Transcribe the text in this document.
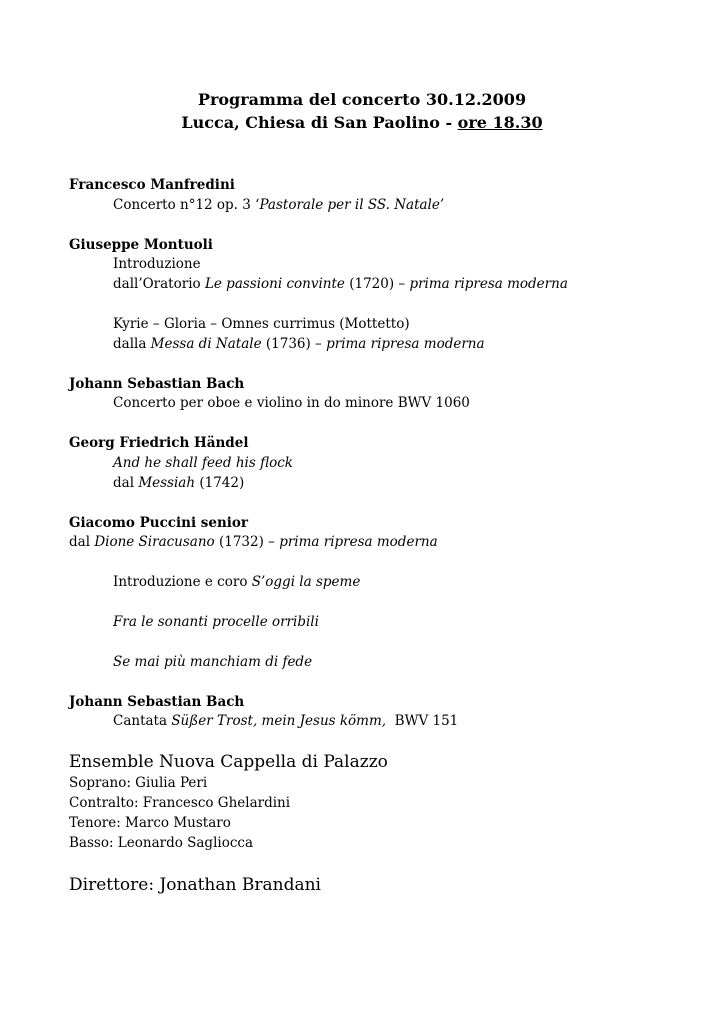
Programma del concerto 30.12.2009
Lucca, Chiesa di San Paolino - ore 18.30
Francesco Manfredini
Concerto n°12 op. 3 ‘Pastorale per il SS. Natale’
Giuseppe Montuoli
Introduzione
dall’Oratorio Le passioni convinte (1720) – prima ripresa moderna
Kyrie – Gloria – Omnes currimus (Mottetto)
dalla Messa di Natale (1736) – prima ripresa moderna
Johann Sebastian Bach
Concerto per oboe e violino in do minore BWV 1060
Georg Friedrich Händel
And he shall feed his flock
dal Messiah (1742)
Giacomo Puccini senior
dal Dione Siracusano (1732) – prima ripresa moderna
Introduzione e coro S’oggi la speme
Fra le sonanti procelle orribili
Se mai più manchiam di fede
Johann Sebastian Bach
Cantata Süßer Trost, mein Jesus kömm,  BWV 151
Ensemble Nuova Cappella di Palazzo
Soprano: Giulia Peri
Contralto: Francesco Ghelardini
Tenore: Marco Mustaro
Basso: Leonardo Sagliocca
Direttore: Jonathan Brandani
